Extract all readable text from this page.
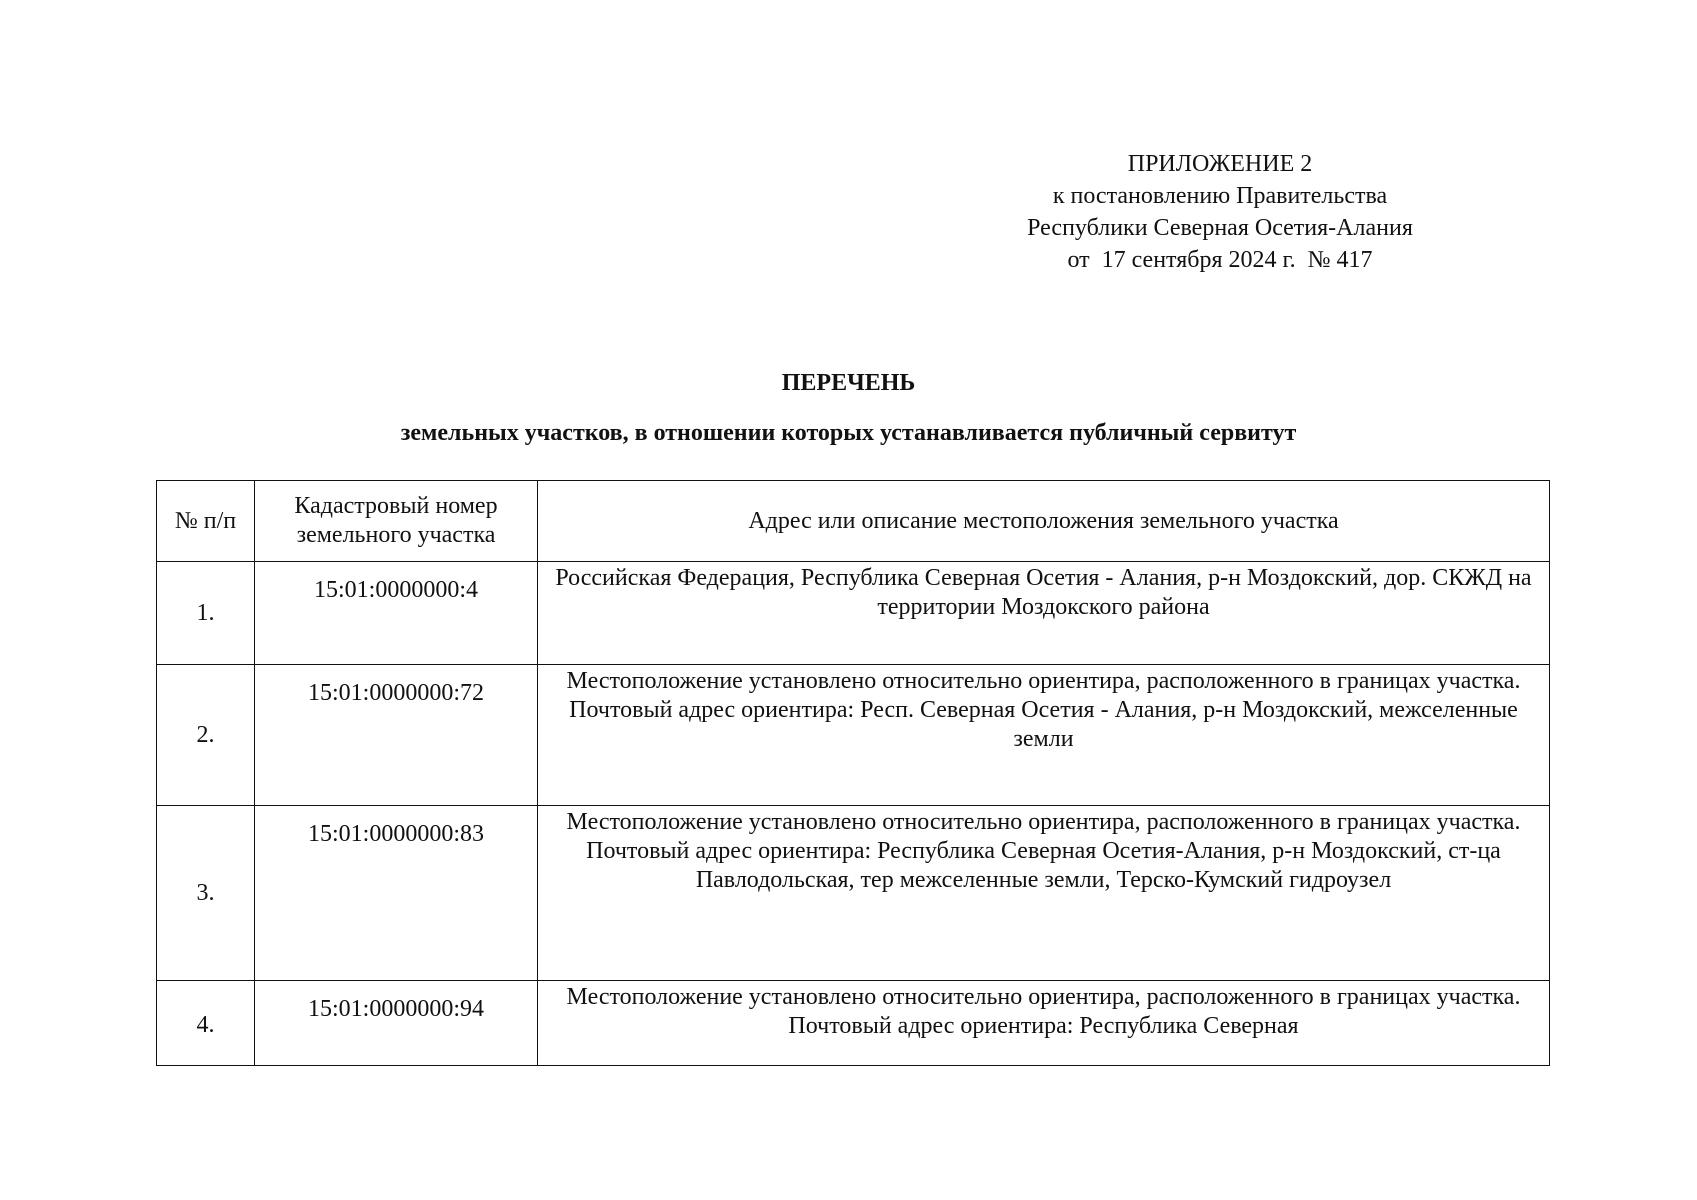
ПРИЛОЖЕНИЕ 2
к постановлению Правительства
Республики Северная Осетия-Алания
от  17 сентября 2024 г.  № 417
ПЕРЕЧЕНЬ
земельных участков, в отношении которых устанавливается публичный сервитут
№ п/п	Кадастровый номер земельного участка	Адрес или описание местоположения земельного участка
1.	15:01:0000000:4	Российская Федерация, Республика Северная Осетия - Алания, р-н Моздокский, дор. СКЖД на территории Моздокского района
2.	15:01:0000000:72	Местоположение установлено относительно ориентира, расположенного в границах участка. Почтовый адрес ориентира: Респ. Северная Осетия - Алания, р-н Моздокский, межселенные земли
3.	15:01:0000000:83	Местоположение установлено относительно ориентира, расположенного в границах участка. Почтовый адрес ориентира: Республика Северная Осетия-Алания, р-н Моздокский, ст-ца Павлодольская, тер межселенные земли, Терско-Кумский гидроузел
4.	15:01:0000000:94	Местоположение установлено относительно ориентира, расположенного в границах участка. Почтовый адрес ориентира: Республика Северная
